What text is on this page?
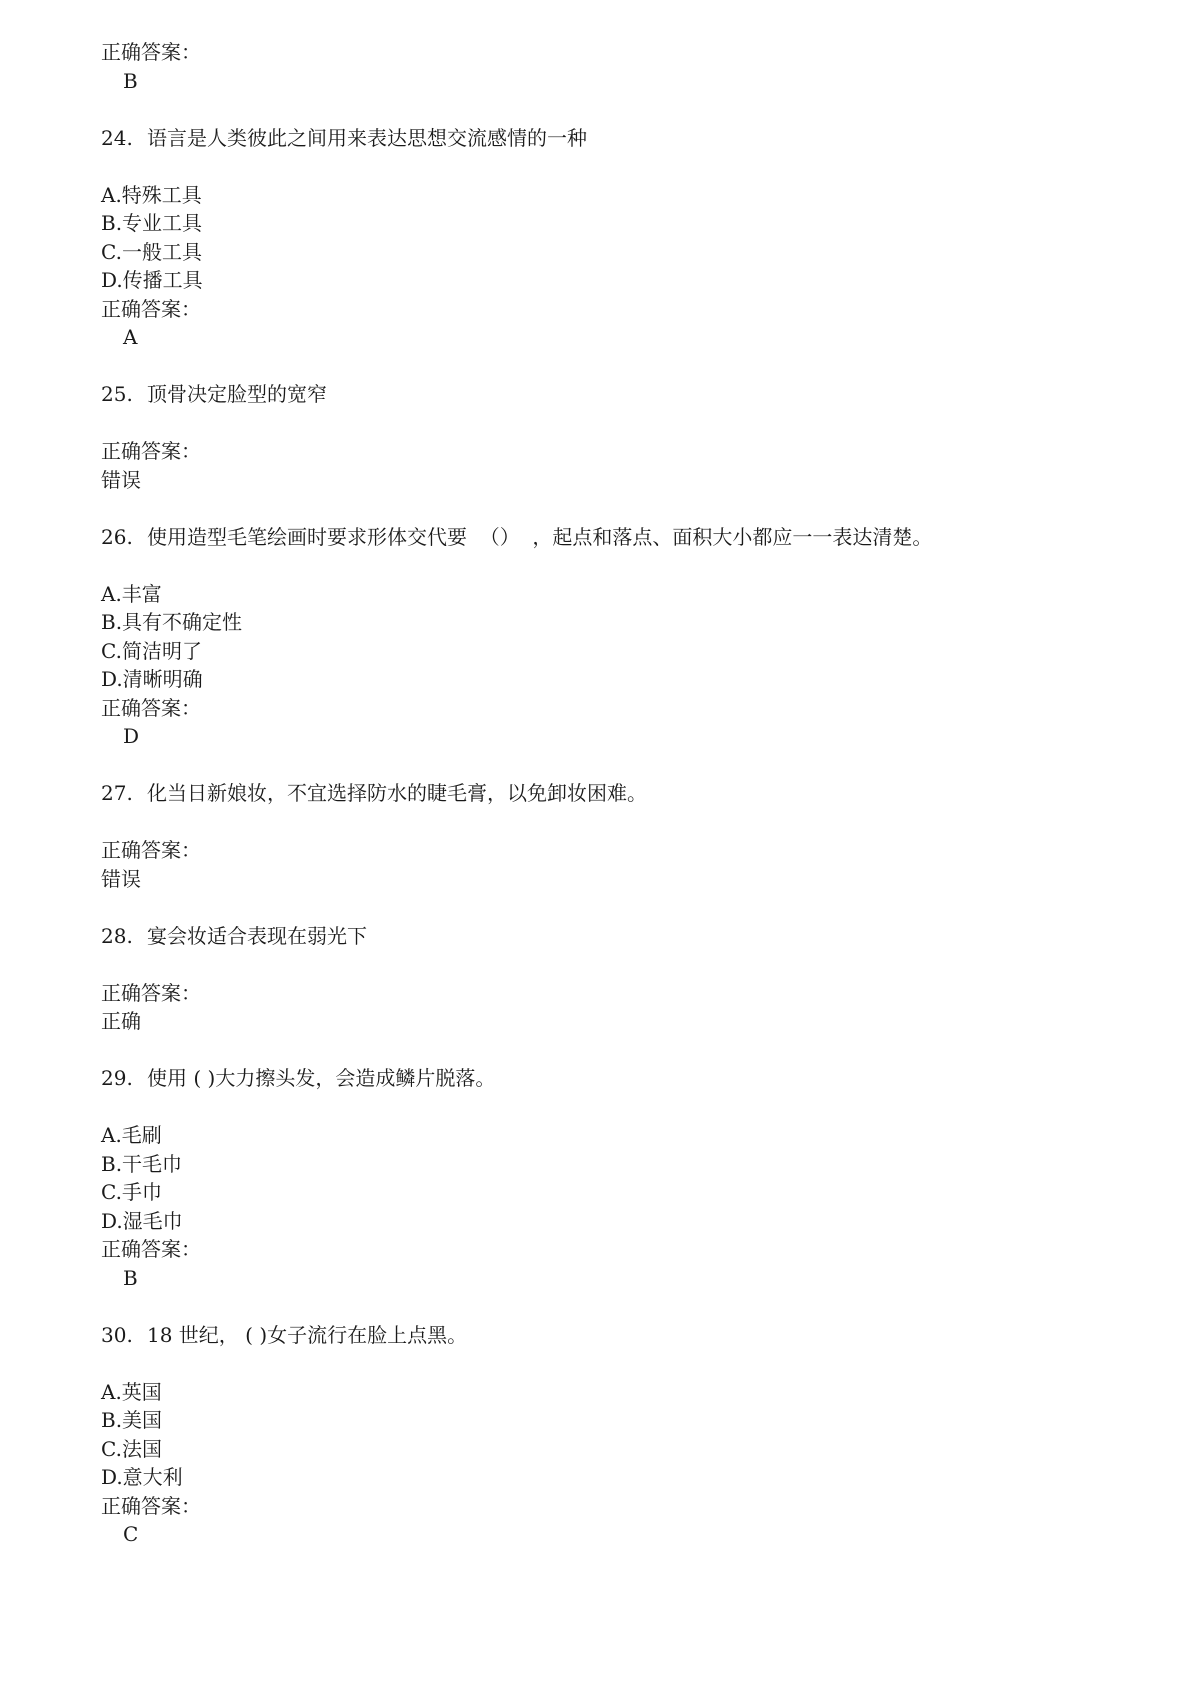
正确答案：
B
24. 语言是人类彼此之间用来表达思想交流感情的一种
A.特殊工具
B.专业工具
C.一般工具
D.传播工具
正确答案：
A
25. 顶骨决定脸型的宽窄
正确答案：
错误
26. 使用造型毛笔绘画时要求形体交代要  （）  ，起点和落点、面积大小都应一一表达清楚。
A.丰富
B.具有不确定性
C.简洁明了
D.清晰明确
正确答案：
D
27. 化当日新娘妆，不宜选择防水的睫毛膏，以免卸妆困难。
正确答案：
错误
28. 宴会妆适合表现在弱光下
正确答案：
正确
29. 使用 ( )大力擦头发，会造成鳞片脱落。
A.毛刷
B.干毛巾
C.手巾
D.湿毛巾
正确答案：
B
30. 18 世纪， ( )女子流行在脸上点黑。
A.英国
B.美国
C.法国
D.意大利
正确答案：
C
